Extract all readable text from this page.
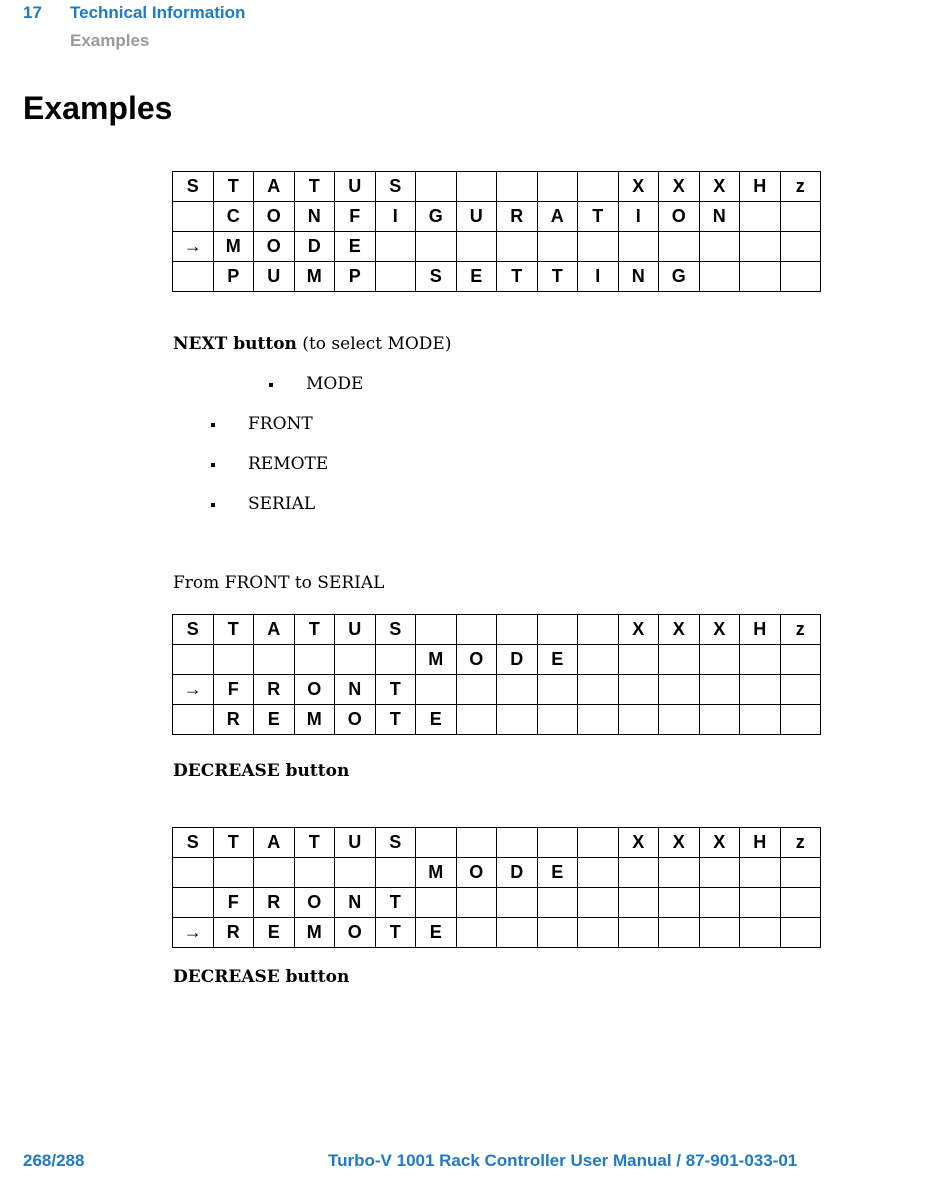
17 Technical Information
Examples
Examples
S	T	A	T	U	S						X	X	X	H	z
	C	O	N	F	I	G	U	R	A	T	I	O	N		
→	M	O	D	E											
	P	U	M	P		S	E	T	T	I	N	G			
NEXT button (to select MODE)
MODE
FRONT
REMOTE
SERIAL
From FRONT to SERIAL
S	T	A	T	U	S						X	X	X	H	z
						M	O	D	E						
→	F	R	O	N	T										
	R	E	M	O	T	E									
DECREASE button
S	T	A	T	U	S						X	X	X	H	z
						M	O	D	E						
	F	R	O	N	T										
→	R	E	M	O	T	E									
DECREASE button
268/288	Turbo-V 1001 Rack Controller User Manual / 87-901-033-01
